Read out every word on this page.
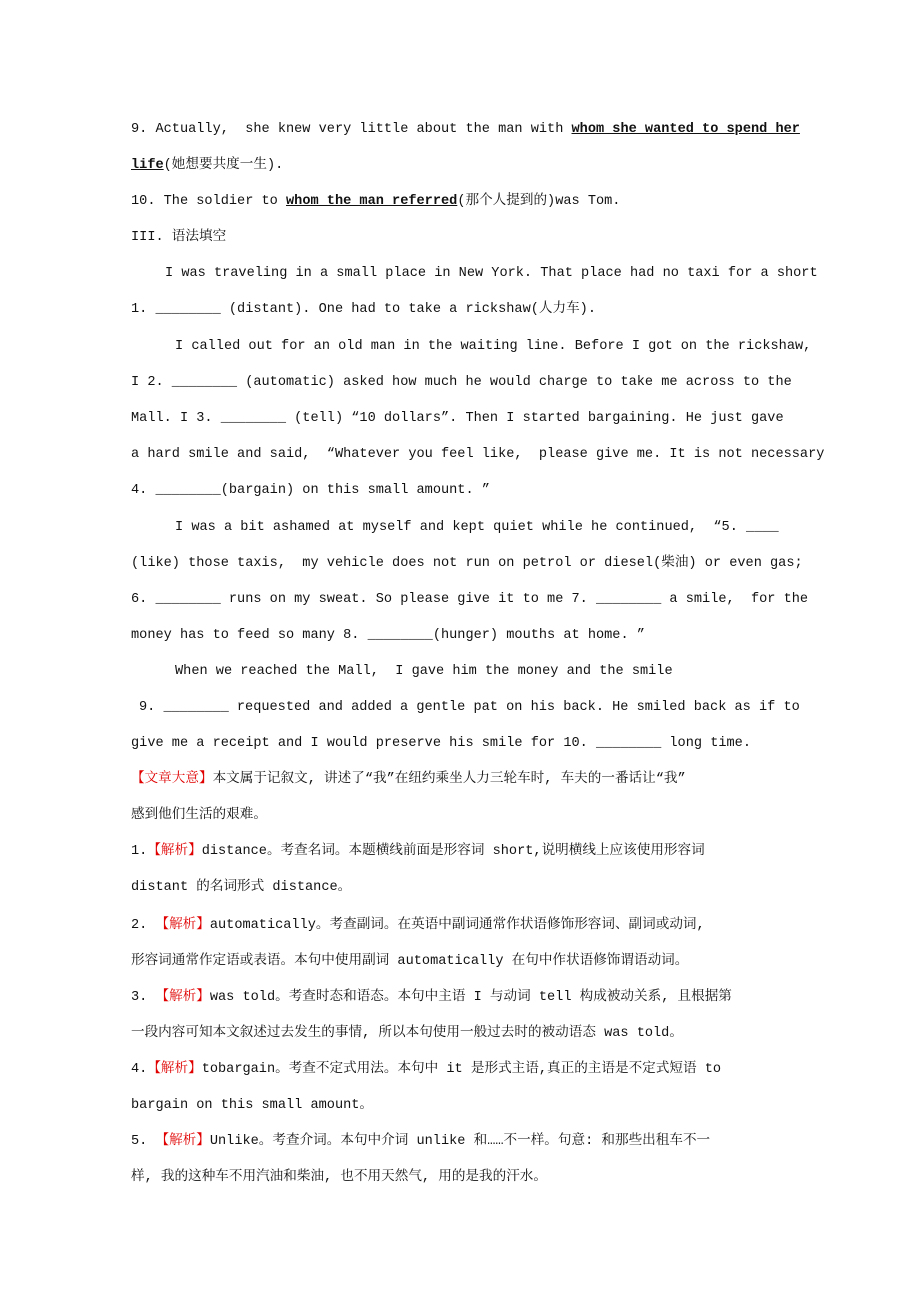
9. Actually,  she knew very little about the man with whom she wanted to spend her
life(她想要共度一生).
10. The soldier to whom the man referred(那个人提到的)was Tom.
III. 语法填空
I was traveling in a small place in New York. That place had no taxi for a short
1. ________ (distant). One had to take a rickshaw(人力车).
I called out for an old man in the waiting line. Before I got on the rickshaw,
I 2. ________ (automatic) asked how much he would charge to take me across to the
Mall. I 3. ________ (tell) “10 dollars”. Then I started bargaining. He just gave
a hard smile and said,  “Whatever you feel like,  please give me. It is not necessary
4. ________(bargain) on this small amount. ”
I was a bit ashamed at myself and kept quiet while he continued,  “5. ____
(like) those taxis,  my vehicle does not run on petrol or diesel(柴油) or even gas;
6. ________ runs on my sweat. So please give it to me 7. ________ a smile,  for the
money has to feed so many 8. ________(hunger) mouths at home. ”
When we reached the Mall,  I gave him the money and the smile
9. ________ requested and added a gentle pat on his back. He smiled back as if to
give me a receipt and I would preserve his smile for 10. ________ long time.
【文章大意】本文属于记叙文, 讲述了“我”在纽约乘坐人力三轮车时, 车夫的一番话让“我”
感到他们生活的艰难。
1.【解析】distance。考查名词。本题横线前面是形容词 short,说明横线上应该使用形容词
distant 的名词形式 distance。
2. 【解析】automatically。考查副词。在英语中副词通常作状语修饰形容词、副词或动词,
形容词通常作定语或表语。本句中使用副词 automatically 在句中作状语修饰谓语动词。
3. 【解析】was told。考查时态和语态。本句中主语 I 与动词 tell 构成被动关系, 且根据第
一段内容可知本文叙述过去发生的事情, 所以本句使用一般过去时的被动语态 was told。
4.【解析】tobargain。考查不定式用法。本句中 it 是形式主语,真正的主语是不定式短语 to
bargain on this small amount。
5. 【解析】Unlike。考查介词。本句中介词 unlike 和……不一样。句意: 和那些出租车不一
样, 我的这种车不用汽油和柴油, 也不用天然气, 用的是我的汗水。
